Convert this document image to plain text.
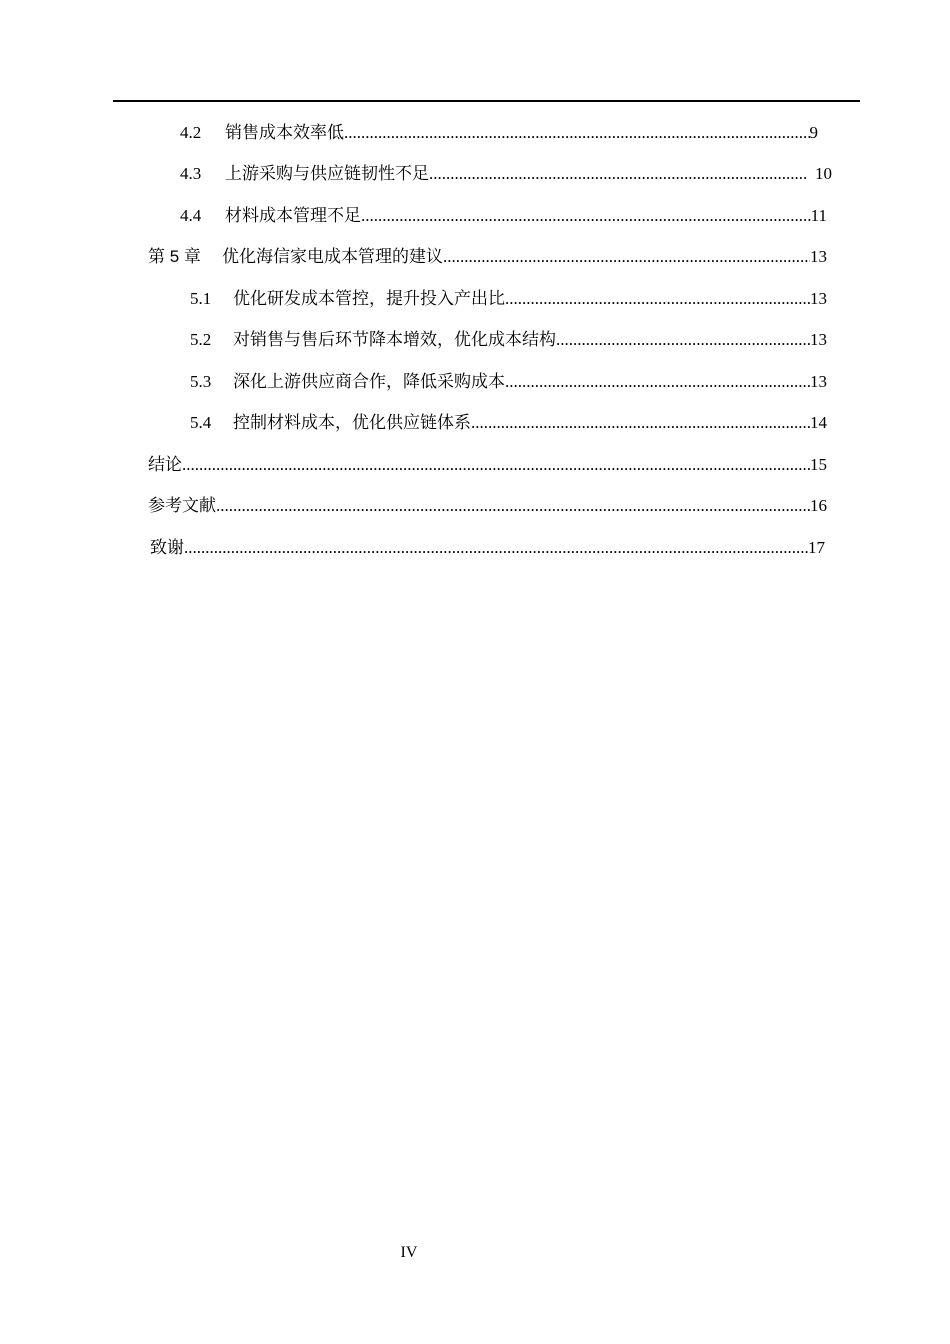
4.2	销售成本效率低 .....	9
4.3	上游采购与供应链韧性不足 .....	10
4.4	材料成本管理不足 .....	11
第 5 章	优化海信家电成本管理的建议 .....	13
5.1	优化研发成本管控，提升投入产出比 .....	13
5.2	对销售与售后环节降本增效，优化成本结构 .....	13
5.3	深化上游供应商合作，降低采购成本 .....	13
5.4	控制材料成本，优化供应链体系 .....	14
结论 .....	15
参考文献 .....	16
致谢 .....	17
IV
